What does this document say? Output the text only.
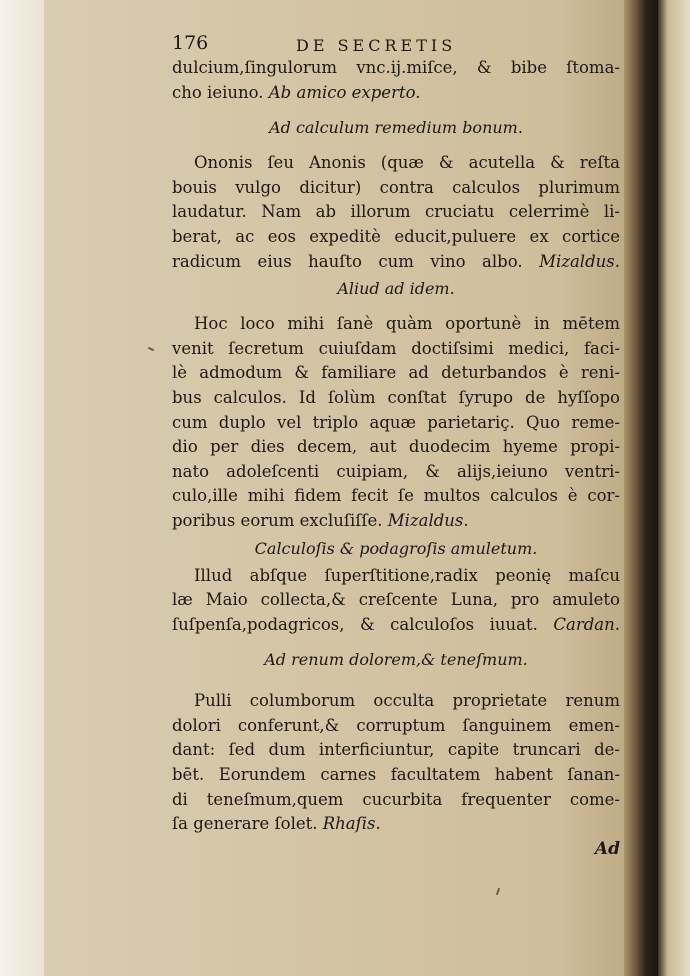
176	DE SECRETIS
dulcium,ſingulorum vnc.ij.miſce, & bibe ſtoma-
cho ieiuno. Ab amico experto.
Ad calculum remedium bonum.
Ononis ſeu Anonis (quæ & acutella & reſta
bouis vulgo dicitur) contra calculos plurimum
laudatur. Nam ab illorum cruciatu celerrimè li-
berat, ac eos expeditè educit,puluere ex cortice
radicum eius hauſto cum vino albo. Mizaldus.
Aliud ad idem.
Hoc loco mihi ſanè quàm oportunè in mētem
venit ſecretum cuiuſdam doctiſsimi medici, faci-
lè admodum & familiare ad deturbandos è reni-
bus calculos. Id ſolùm conſtat ſyrupo de hyſſopo
cum duplo vel triplo aquæ parietariç. Quo reme-
dio per dies decem, aut duodecim hyeme propi-
nato adoleſcenti cuipiam, & alijs,ieiuno ventri-
culo,ille mihi fidem fecit ſe multos calculos è cor-
poribus eorum excluſiſſe. Mizaldus.
Calculoſis & podagroſis amuletum.
Illud abſque ſuperſtitione,radix peonię maſcu
læ Maio collecta,& creſcente Luna, pro amuleto
ſuſpenſa,podagricos, & calculoſos iuuat. Cardan.
Ad renum dolorem,& teneſmum.
Pulli columborum occulta proprietate renum
dolori conferunt,& corruptum ſanguinem emen-
dant: ſed dum interficiuntur, capite truncari de-
bēt. Eorundem carnes facultatem habent ſanan-
di teneſmum,quem cucurbita frequenter come-
ſa generare ſolet. Rhaſis.
Ad
